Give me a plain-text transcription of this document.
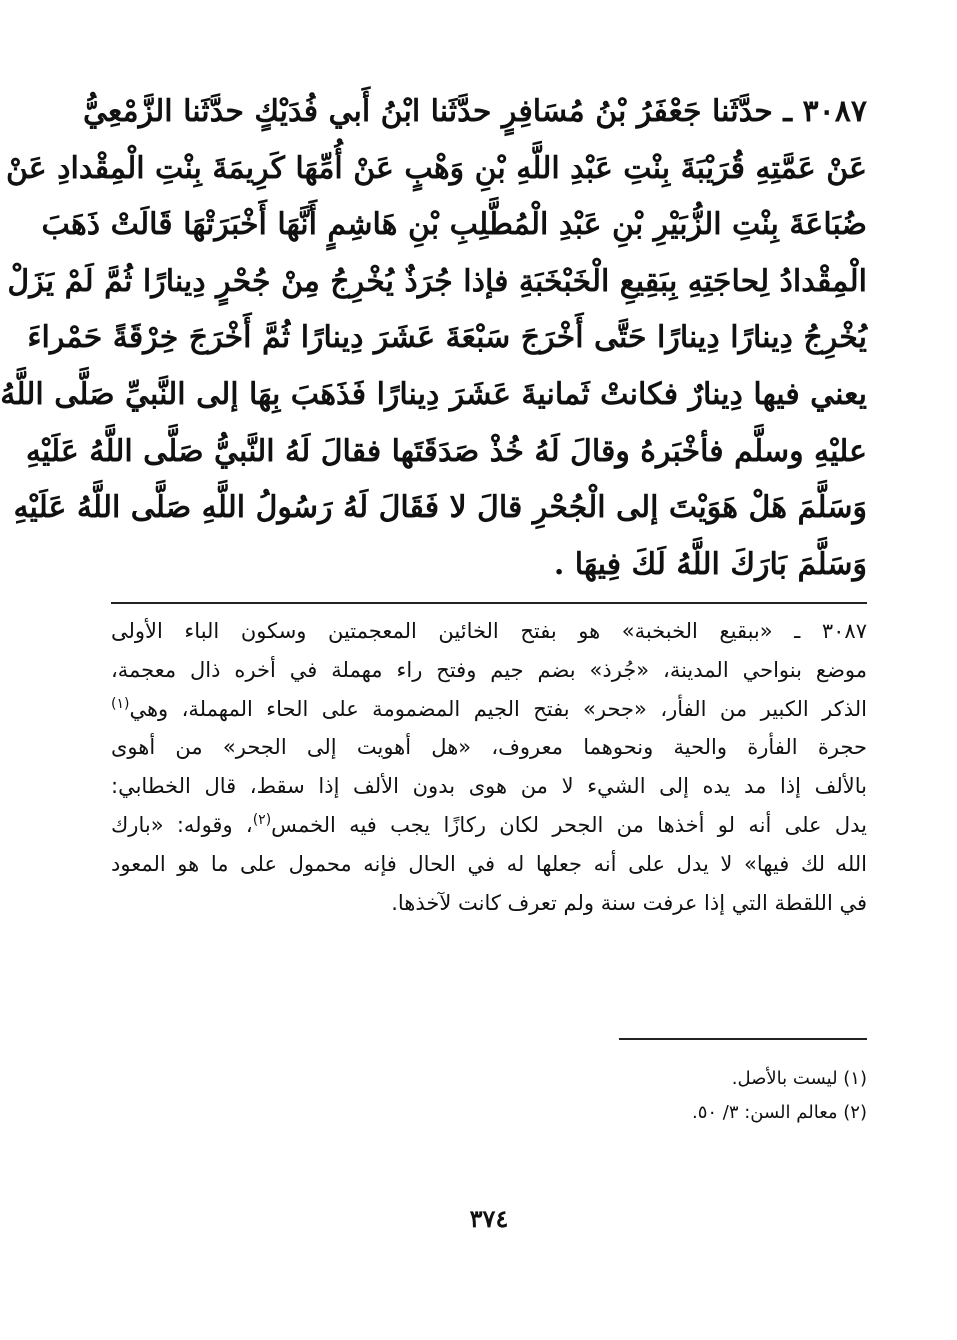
٣٠٨٧ ـ حدَّثَنا جَعْفَرُ بْنُ مُسَافِرٍ حدَّثَنا ابْنُ أَبي فُدَيْكٍ حدَّثَنا الزَّمْعِيُّ
عَنْ عَمَّتِهِ قُرَيْبَةَ بِنْتِ عَبْدِ اللَّهِ بْنِ وَهْبٍ عَنْ أُمِّهَا كَرِيمَةَ بِنْتِ الْمِقْدادِ عَنْ
ضُبَاعَةَ بِنْتِ الزُّبَيْرِ بْنِ عَبْدِ الْمُطَّلِبِ بْنِ هَاشِمٍ أَنَّهَا أَخْبَرَتْهَا قَالَتْ ذَهَبَ
الْمِقْدادُ لِحاجَتِهِ بِبَقِيعِ الْخَبْخَبَةِ فإذا جُرَذٌ يُخْرِجُ مِنْ جُحْرٍ دِينارًا ثُمَّ لَمْ يَزَلْ
يُخْرِجُ دِينارًا دِينارًا حَتَّى أَخْرَجَ سَبْعَةَ عَشَرَ دِينارًا ثُمَّ أَخْرَجَ خِرْقَةً حَمْراءَ
يعني فيها دِينارٌ فكانتْ ثَمانيةَ عَشَرَ دِينارًا فَذَهَبَ بِهَا إلى النَّبيِّ صَلَّى اللَّهُ
عليْهِ وسلَّم فأخْبَرهُ وقالَ لَهُ خُذْ صَدَقَتَها فقالَ لَهُ النَّبيُّ صَلَّى اللَّهُ عَلَيْهِ
وَسَلَّمَ هَلْ هَوَيْتَ إلى الْجُحْرِ قالَ لا فَقَالَ لَهُ رَسُولُ اللَّهِ صَلَّى اللَّهُ عَلَيْهِ
وَسَلَّمَ بَارَكَ اللَّهُ لَكَ فِيهَا .
٣٠٨٧ ـ «ببقيع الخبخبة» هو بفتح الخائين المعجمتين وسكون الباء الأولى
موضع بنواحي المدينة، «جُرذ» بضم جيم وفتح راء مهملة في أخره ذال معجمة،
الذكر الكبير من الفأر، «جحر» بفتح الجيم المضمومة على الحاء المهملة، وهي$^{(١)}$
حجرة الفأرة والحية ونحوهما معروف، «هل أهويت إلى الجحر» من أهوى
بالألف إذا مد يده إلى الشيء لا من هوى بدون الألف إذا سقط، قال الخطابي:
يدل على أنه لو أخذها من الجحر لكان ركازًا يجب فيه الخمس$^{(٢)}$، وقوله: «بارك
الله لك فيها» لا يدل على أنه جعلها له في الحال فإنه محمول على ما هو المعود
في اللقطة التي إذا عرفت سنة ولم تعرف كانت لآخذها.
(١) ليست بالأصل.
(٢) معالم السن: ٣/ ٥٠.
٣٧٤
